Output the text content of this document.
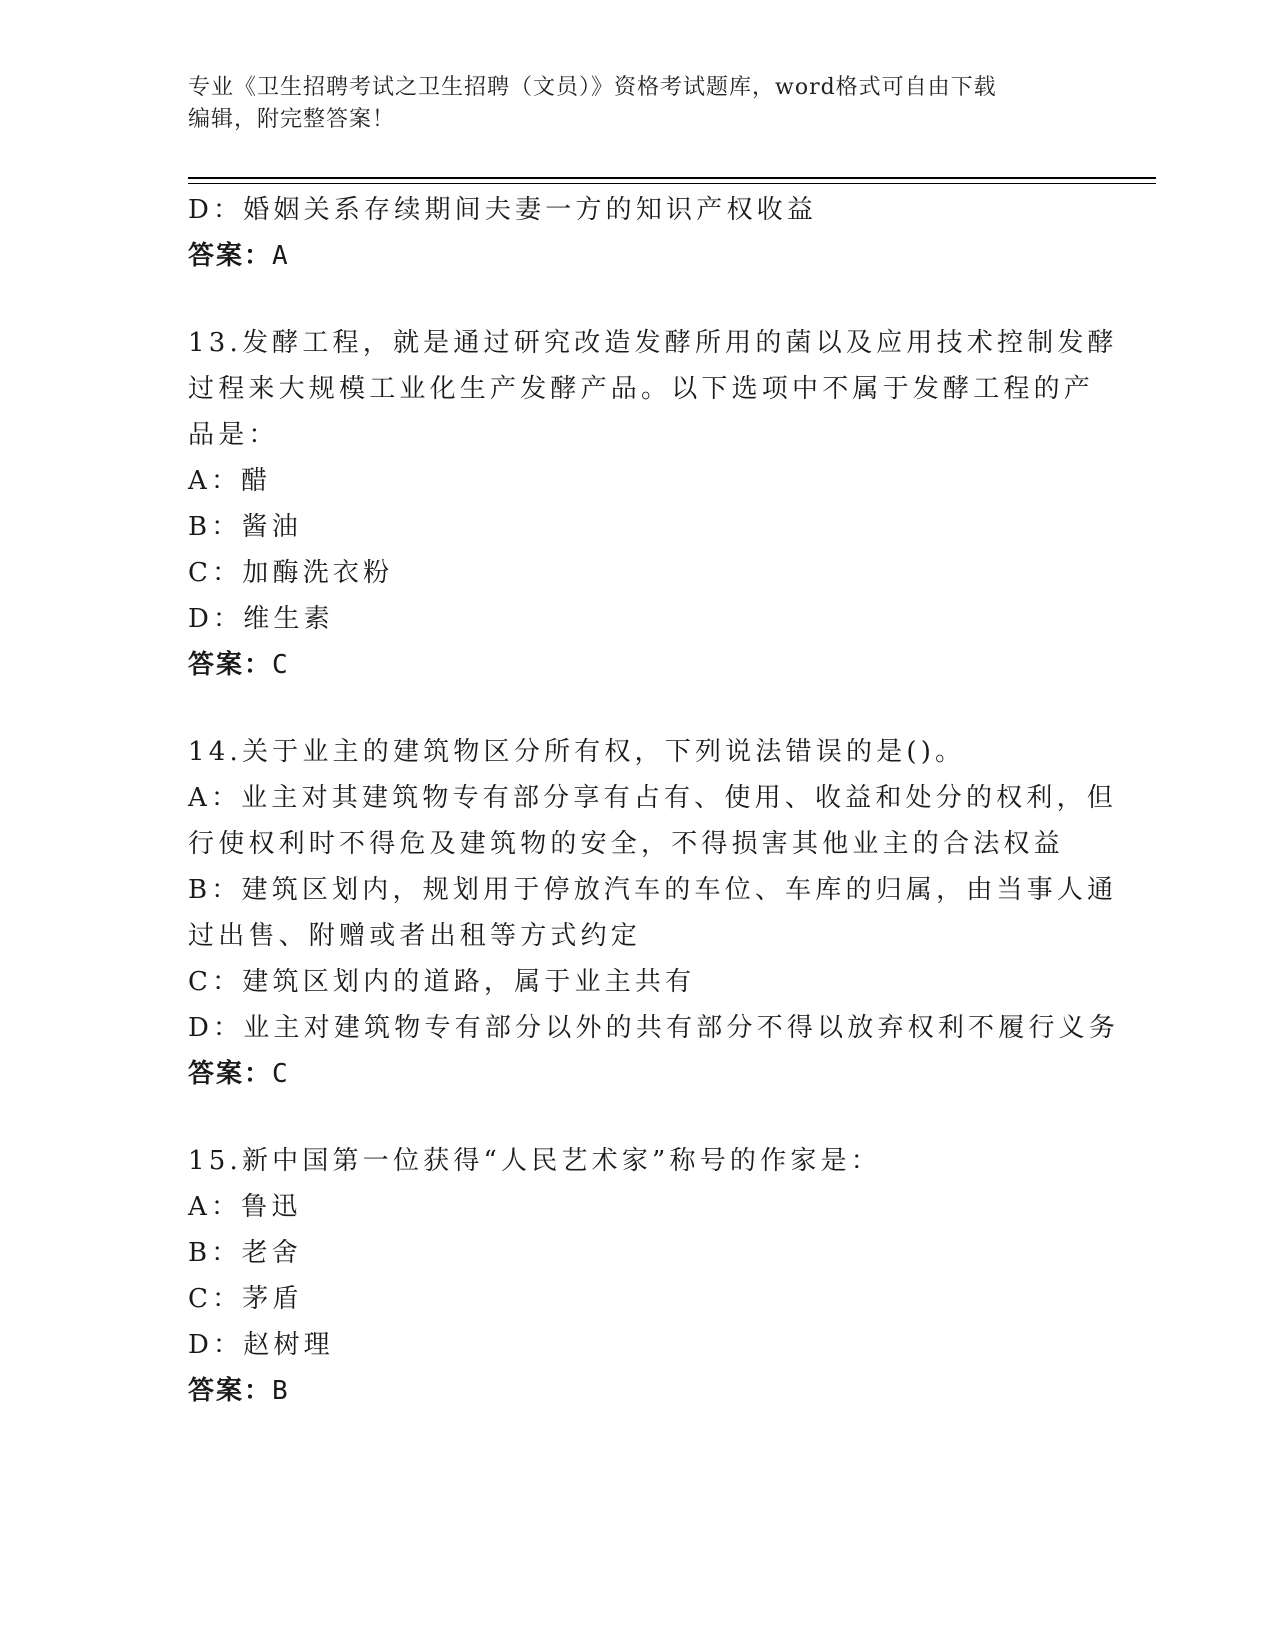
专业《卫生招聘考试之卫生招聘（文员）》资格考试题库，word格式可自由下载
编辑，附完整答案！
D：婚姻关系存续期间夫妻一方的知识产权收益
答案：A
13.发酵工程，就是通过研究改造发酵所用的菌以及应用技术控制发酵
过程来大规模工业化生产发酵产品。以下选项中不属于发酵工程的产
品是：
A：醋
B：酱油
C：加酶洗衣粉
D：维生素
答案：C
14.关于业主的建筑物区分所有权，下列说法错误的是()。
A：业主对其建筑物专有部分享有占有、使用、收益和处分的权利，但
行使权利时不得危及建筑物的安全，不得损害其他业主的合法权益
B：建筑区划内，规划用于停放汽车的车位、车库的归属，由当事人通
过出售、附赠或者出租等方式约定
C：建筑区划内的道路，属于业主共有
D：业主对建筑物专有部分以外的共有部分不得以放弃权利不履行义务
答案：C
15.新中国第一位获得“人民艺术家”称号的作家是：
A：鲁迅
B：老舍
C：茅盾
D：赵树理
答案：B
